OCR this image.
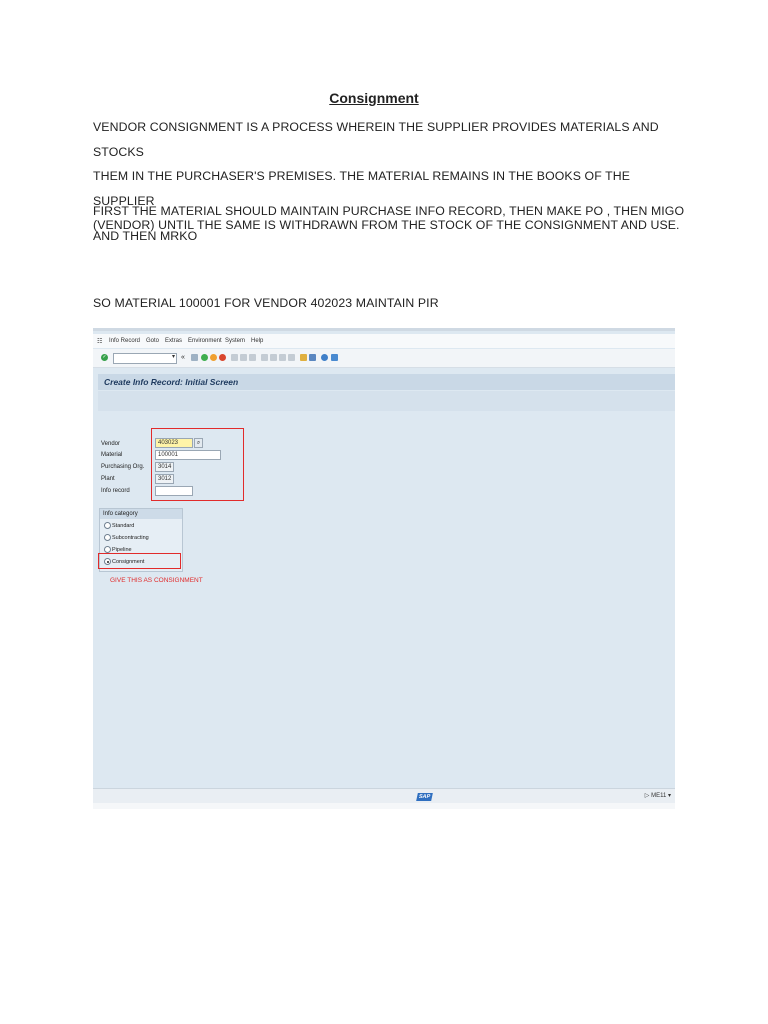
Consignment
VENDOR CONSIGNMENT IS A PROCESS WHEREIN THE SUPPLIER PROVIDES MATERIALS AND STOCKS
THEM IN THE PURCHASER'S PREMISES. THE MATERIAL REMAINS IN THE BOOKS OF THE SUPPLIER
(VENDOR) UNTIL THE SAME IS WITHDRAWN FROM THE STOCK OF THE CONSIGNMENT AND USE.
FIRST THE MATERIAL SHOULD MAINTAIN PURCHASE INFO RECORD, THEN MAKE PO , THEN MIGO
AND THEN MRKO
SO MATERIAL 100001 FOR VENDOR 402023 MAINTAIN PIR
☷ Info Record Goto Extras Environment System Help
✓	▾ «
Create Info Record: Initial Screen
Vendor	403023	⌕
Material	100001
Purchasing Org.	3014
Plant	3012
Info record
Info category
Standard
Subcontracting
Pipeline
Consignment
GIVE THIS AS CONSIGNMENT
SAP	▷ ME11 ▾
